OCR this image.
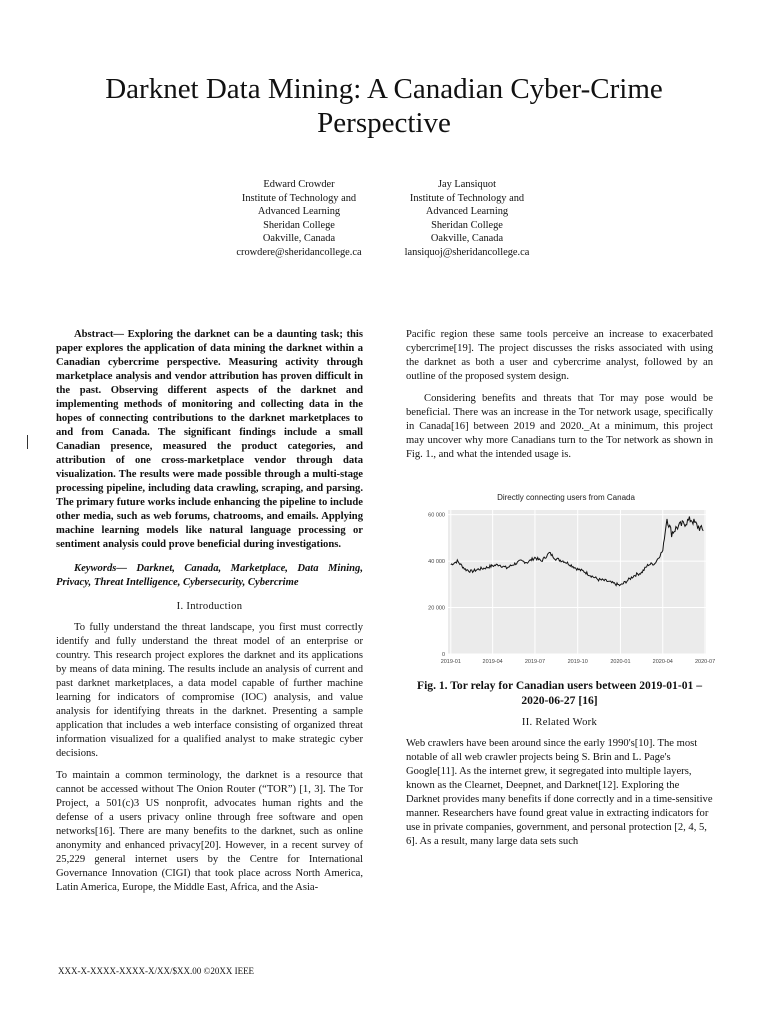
Darknet Data Mining: A Canadian Cyber-Crime Perspective
Edward Crowder
Institute of Technology and
Advanced Learning
Sheridan College
Oakville, Canada
crowdere@sheridancollege.ca
Jay Lansiquot
Institute of Technology and
Advanced Learning
Sheridan College
Oakville, Canada
lansiquoj@sheridancollege.ca

Abstract— Exploring the darknet can be a daunting task; this paper explores the application of data mining the darknet within a Canadian cybercrime perspective. Measuring activity through marketplace analysis and vendor attribution has proven difficult in the past. Observing different aspects of the darknet and implementing methods of monitoring and collecting data in the hopes of connecting contributions to the darknet marketplaces to and from Canada. The significant findings include a small Canadian presence, measured the product categories, and attribution of one cross-marketplace vendor through data visualization. The results were made possible through a multi-stage processing pipeline, including data crawling, scraping, and parsing. The primary future works include enhancing the pipeline to include other media, such as web forums, chatrooms, and emails. Applying machine learning models like natural language processing or sentiment analysis could prove beneficial during investigations.

Keywords— Darknet, Canada, Marketplace, Data Mining, Privacy, Threat Intelligence, Cybersecurity, Cybercrime

I. Introduction

To fully understand the threat landscape, you first must correctly identify and fully understand the threat model of an enterprise or country. This research project explores the darknet and its applications by means of data mining. The results include an analysis of current and past darknet marketplaces, a data model capable of further machine learning for indicators of compromise (IOC) analysis, and value analysis for identifying threats in the darknet. Presenting a sample application that includes a web interface consisting of organized threat information visualized for a qualified analyst to make strategic cyber decisions.

To maintain a common terminology, the darknet is a resource that cannot be accessed without The Onion Router (“TOR”) [1, 3]. The Tor Project, a 501(c)3 US nonprofit, advocates human rights and the defense of a users privacy online through free software and open networks[16]. There are many benefits to the darknet, such as online anonymity and enhanced privacy[20]. However, in a recent survey of 25,229 general internet users by the Centre for International Governance Innovation (CIGI) that took place across North America, Latin America, Europe, the Middle East, Africa, and the Asia-

Pacific region these same tools perceive an increase to exacerbated cybercrime[19]. The project discusses the risks associated with using the darknet as both a user and cybercrime analyst, followed by an outline of the proposed system design.

Considering benefits and threats that Tor may pose would be beneficial. There was an increase in the Tor network usage, specifically in Canada[16] between 2019 and 2020._At a minimum, this project may uncover why more Canadians turn to the Tor network as shown in Fig. 1., and what the intended usage is.

Directly connecting users from Canada
0
20 000
40 000
60 000
2019-01	2019-04	2019-07	2019-10	2020-01	2020-04	2020-07

Fig. 1. Tor relay for Canadian users between 2019-01-01 – 2020-06-27 [16]

II. Related Work

Web crawlers have been around since the early 1990's[10]. The most notable of all web crawler projects being S. Brin and L. Page's Google[11]. As the internet grew, it segregated into multiple layers, known as the Clearnet, Deepnet, and Darknet[12]. Exploring the Darknet provides many benefits if done correctly and in a time-sensitive manner. Researchers have found great value in extracting indicators for use in private companies, government, and personal protection [2, 4, 5, 6]. As a result, many large data sets such

XXX-X-XXXX-XXXX-X/XX/$XX.00 ©20XX IEEE
